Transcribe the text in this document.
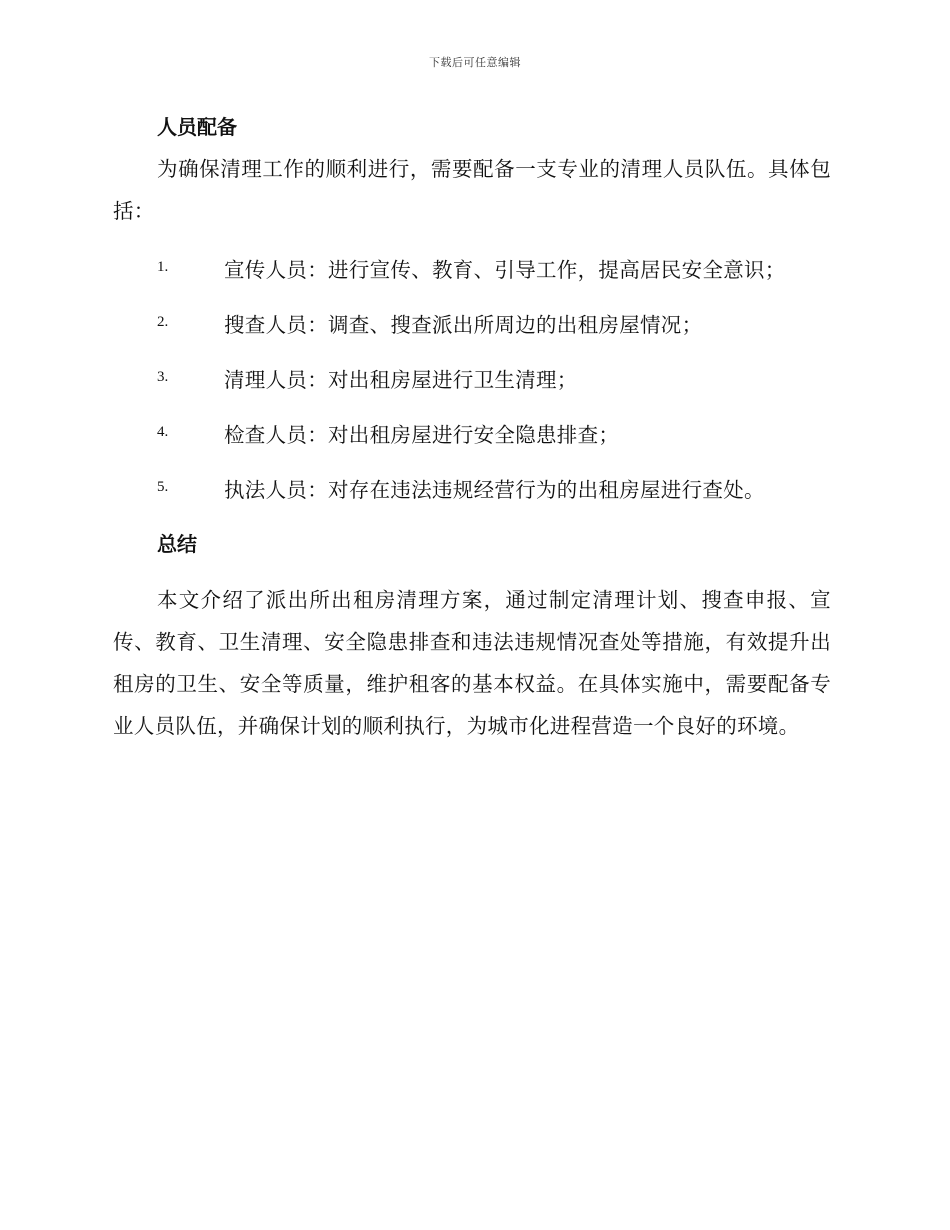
下载后可任意编辑
人员配备

为确保清理工作的顺利进行，需要配备一支专业的清理人员队伍。具体包括：

1.	宣传人员：进行宣传、教育、引导工作，提高居民安全意识；
2.	搜查人员：调查、搜查派出所周边的出租房屋情况；
3.	清理人员：对出租房屋进行卫生清理；
4.	检查人员：对出租房屋进行安全隐患排查；
5.	执法人员：对存在违法违规经营行为的出租房屋进行查处。
总结

本文介绍了派出所出租房清理方案，通过制定清理计划、搜查申报、宣传、教育、卫生清理、安全隐患排查和违法违规情况查处等措施，有效提升出租房的卫生、安全等质量，维护租客的基本权益。在具体实施中，需要配备专业人员队伍，并确保计划的顺利执行，为城市化进程营造一个良好的环境。
